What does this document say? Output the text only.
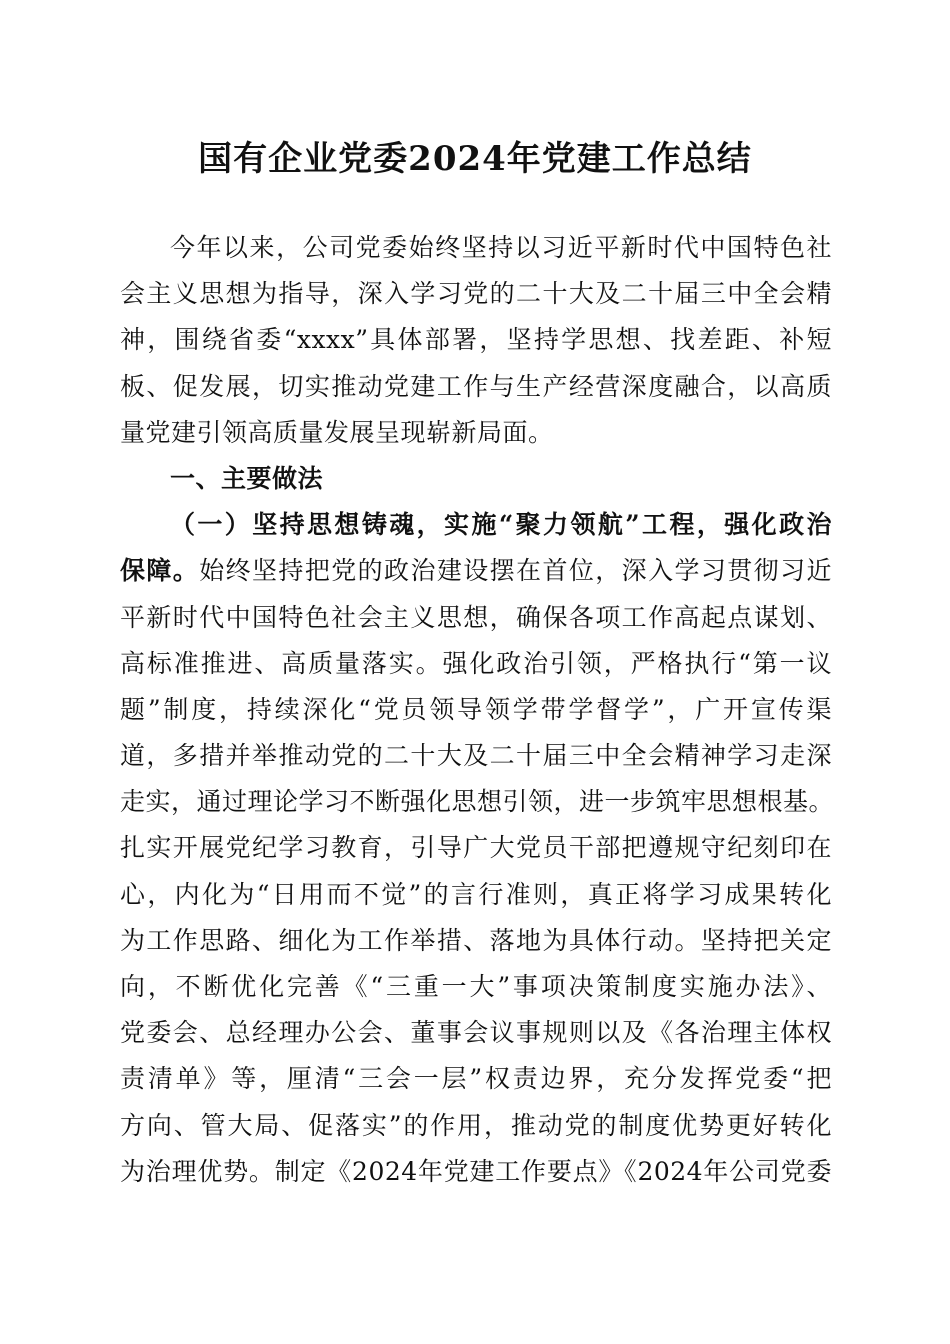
国有企业党委2024年党建工作总结
今年以来，公司党委始终坚持以习近平新时代中国特色社
会主义思想为指导，深入学习党的二十大及二十届三中全会精
神，围绕省委“xxxx”具体部署，坚持学思想、找差距、补短
板、促发展，切实推动党建工作与生产经营深度融合，以高质
量党建引领高质量发展呈现崭新局面。
一、主要做法
（一）坚持思想铸魂，实施“聚力领航”工程，强化政治
保障。始终坚持把党的政治建设摆在首位，深入学习贯彻习近
平新时代中国特色社会主义思想，确保各项工作高起点谋划、
高标准推进、高质量落实。强化政治引领，严格执行“第一议
题”制度，持续深化“党员领导领学带学督学”，广开宣传渠
道，多措并举推动党的二十大及二十届三中全会精神学习走深
走实，通过理论学习不断强化思想引领，进一步筑牢思想根基。
扎实开展党纪学习教育，引导广大党员干部把遵规守纪刻印在
心，内化为“日用而不觉”的言行准则，真正将学习成果转化
为工作思路、细化为工作举措、落地为具体行动。坚持把关定
向，不断优化完善《“三重一大”事项决策制度实施办法》、
党委会、总经理办公会、董事会议事规则以及《各治理主体权
责清单》等，厘清“三会一层”权责边界，充分发挥党委“把
方向、管大局、促落实”的作用，推动党的制度优势更好转化
为治理优势。制定《2024年党建工作要点》《2024年公司党委
